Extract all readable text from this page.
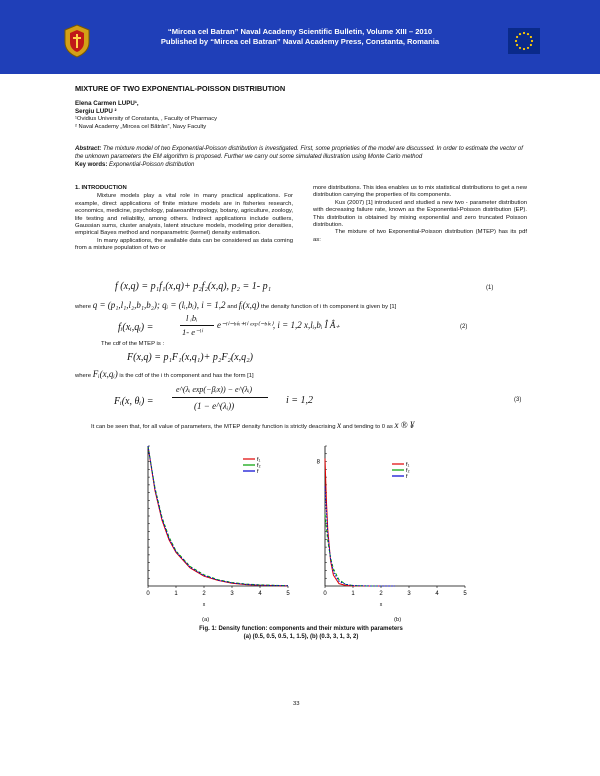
“Mircea cel Batran” Naval Academy Scientific Bulletin, Volume XIII – 2010
Published by “Mircea cel Batran” Naval Academy Press, Constanta, Romania
MIXTURE OF TWO EXPONENTIAL-POISSON DISTRIBUTION
Elena Carmen LUPU¹,
Sergiu LUPU ²
¹Ovidius University of Constanta, , Faculty of Pharmacy
² Naval Academy „Mircea cel Bãtrân”, Navy Faculty
Abstract: The mixture model of two Exponential-Poisson distribution is investigated. First, some proprieties of the model are discussed. In order to estimate the vector of the unknown parameters the EM algorithm is proposed. Further we carry out some simulated illustration using Monte Carlo method
Key words: Exponential-Poisson distribution

1. INTRODUCTION

Mixture models play a vital role in many practical applications. For example, direct applications of finite mixture models are in fisheries research, economics, medicine, psychology, palaeoanthropology, botany, agriculture, zoology, life testing and reliability, among others. Indirect applications include outliers, Gaussian sums, cluster analysis, latent structure models, modeling prior densities, empirical Bayes method and nonparametric (kernel) density estimation.

In many applications, the available data can be considered as data coming from a mixture population of two or

more distributions. This idea enables us to mix statistical distributions to get a new distribution carrying the properties of its components.

Kus (2007) [1] introduced and studied a new two - parameter distribution with decreasing failure rate, known as the Exponential-Poisson distribution (EP). This distribution is obtained by mixing exponential and zero truncated Poisson distribution.

The mixture of two Exponential-Poisson distribution (MTEP) has its pdf as:

f (x,q) = p₁f₁(x,q)+ p₂f₂(x,q), p₂ = 1- p₁	(1)
where q = (p₁,l₁,l₂,b₁,b₂); qᵢ = (lᵢ,bᵢ), i = 1,2 and fᵢ(x,q) the density function of i th component is given by [1]
fᵢ(xᵢ,qᵢ) =
l ᵢbᵢ
1- e⁻ˡⁱ
e⁻ˡⁱ⁻ᵇⁱˣ⁺ˡⁱ ᵉˣᵖ⁽⁻ᵇⁱˣ⁾, i = 1,2 x,lᵢ,bᵢ Î Â₊	(2)
The cdf of the MTEP is :
F(x,q) = p₁F₁(x,q₁)+ p₂F₂(x,q₂)
where Fᵢ(x,qᵢ) is the cdf of the i th component and has the form [1]
Fᵢ(x, θᵢ) =
e^(λᵢ exp(−βᵢx)) − e^(λᵢ)
(1 − e^(λᵢ))	i = 1,2	(3)
It can be seen that, for all value of parameters, the MTEP density function is strictly deacrising x and tending to 0 as x ® ¥
0	1	2	3	4	5
x
f₁
f₂
f
0	1	2	3	4	5
8
x
f₁
f₂
f
(a)	(b)
Fig. 1: Density function: components and their mixture with parameters
(a) (0.5, 0.5, 0.5, 1, 1.5), (b) (0.3, 3, 1, 3, 2)
33
